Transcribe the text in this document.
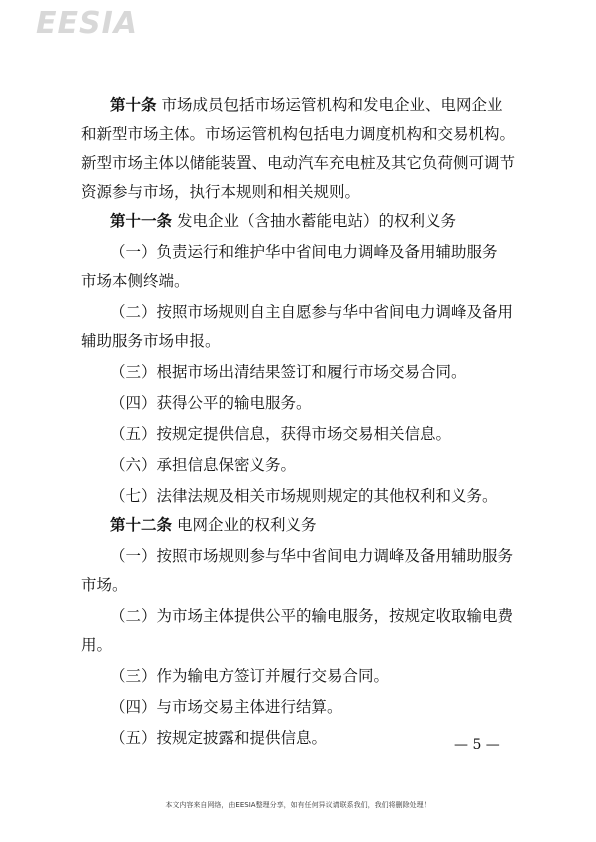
EESIA
第十条 市场成员包括市场运管机构和发电企业、电网企业
和新型市场主体。市场运管机构包括电力调度机构和交易机构。
新型市场主体以储能装置、电动汽车充电桩及其它负荷侧可调节
资源参与市场，执行本规则和相关规则。
第十一条 发电企业（含抽水蓄能电站）的权利义务
（一）负责运行和维护华中省间电力调峰及备用辅助服务
市场本侧终端。
（二）按照市场规则自主自愿参与华中省间电力调峰及备用
辅助服务市场申报。
（三）根据市场出清结果签订和履行市场交易合同。
（四）获得公平的输电服务。
（五）按规定提供信息，获得市场交易相关信息。
（六）承担信息保密义务。
（七）法律法规及相关市场规则规定的其他权利和义务。
第十二条 电网企业的权利义务
（一）按照市场规则参与华中省间电力调峰及备用辅助服务
市场。
（二）为市场主体提供公平的输电服务，按规定收取输电费
用。
（三）作为输电方签订并履行交易合同。
（四）与市场交易主体进行结算。
（五）按规定披露和提供信息。	— 5 —
本文内容来自网络，由EESIA整理分享，如有任何异议请联系我们，我们将删除处理！
